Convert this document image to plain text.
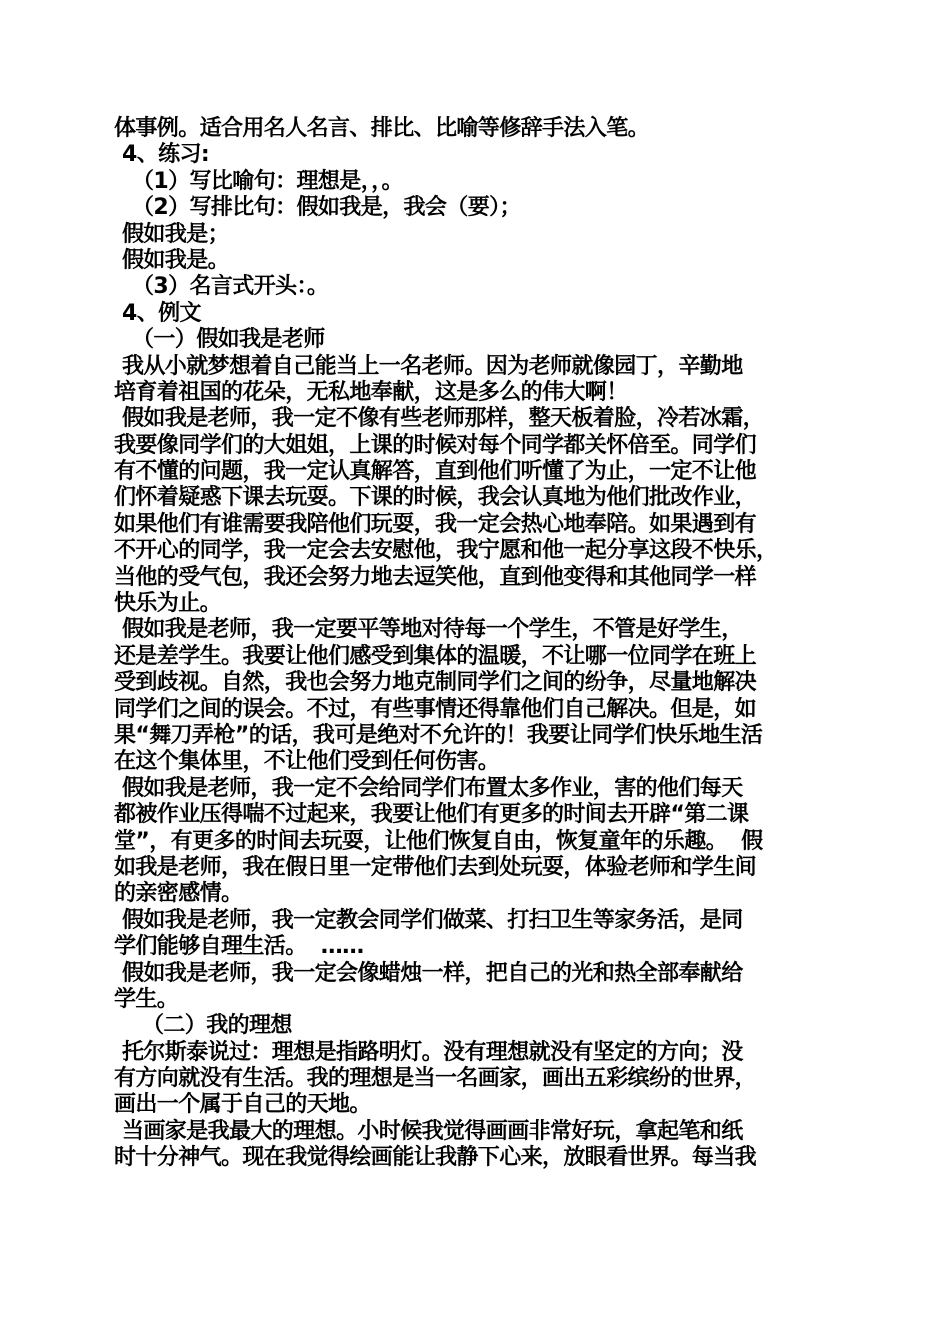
体事例。适合用名人名言、排比、比喻等修辞手法入笔。
4、练习:
（1）写比喻句：理想是，，。
（2）写排比句：假如我是，我会（要）；
假如我是；
假如我是。
（3）名言式开头：。
4、例文
（一）假如我是老师
我从小就梦想着自己能当上一名老师。因为老师就像园丁，辛勤地
培育着祖国的花朵，无私地奉献，这是多么的伟大啊！
假如我是老师，我一定不像有些老师那样，整天板着脸，冷若冰霜，
我要像同学们的大姐姐，上课的时候对每个同学都关怀倍至。同学们
有不懂的问题，我一定认真解答，直到他们听懂了为止，一定不让他
们怀着疑惑下课去玩耍。下课的时候，我会认真地为他们批改作业，
如果他们有谁需要我陪他们玩耍，我一定会热心地奉陪。如果遇到有
不开心的同学，我一定会去安慰他，我宁愿和他一起分享这段不快乐，
当他的受气包，我还会努力地去逗笑他，直到他变得和其他同学一样
快乐为止。
假如我是老师，我一定要平等地对待每一个学生，不管是好学生，
还是差学生。我要让他们感受到集体的温暖，不让哪一位同学在班上
受到歧视。自然，我也会努力地克制同学们之间的纷争，尽量地解决
同学们之间的误会。不过，有些事情还得靠他们自己解决。但是，如
果“舞刀弄枪”的话，我可是绝对不允许的！我要让同学们快乐地生活
在这个集体里，不让他们受到任何伤害。
假如我是老师，我一定不会给同学们布置太多作业，害的他们每天
都被作业压得喘不过起来，我要让他们有更多的时间去开辟“第二课
堂”，有更多的时间去玩耍，让他们恢复自由，恢复童年的乐趣。  假
如我是老师，我在假日里一定带他们去到处玩耍，体验老师和学生间
的亲密感情。
假如我是老师，我一定教会同学们做菜、打扫卫生等家务活，是同
学们能够自理生活。  ……
假如我是老师，我一定会像蜡烛一样，把自己的光和热全部奉献给
学生。
（二）我的理想
托尔斯泰说过：理想是指路明灯。没有理想就没有坚定的方向；没
有方向就没有生活。我的理想是当一名画家，画出五彩缤纷的世界，
画出一个属于自己的天地。
当画家是我最大的理想。小时候我觉得画画非常好玩，拿起笔和纸
时十分神气。现在我觉得绘画能让我静下心来，放眼看世界。每当我
